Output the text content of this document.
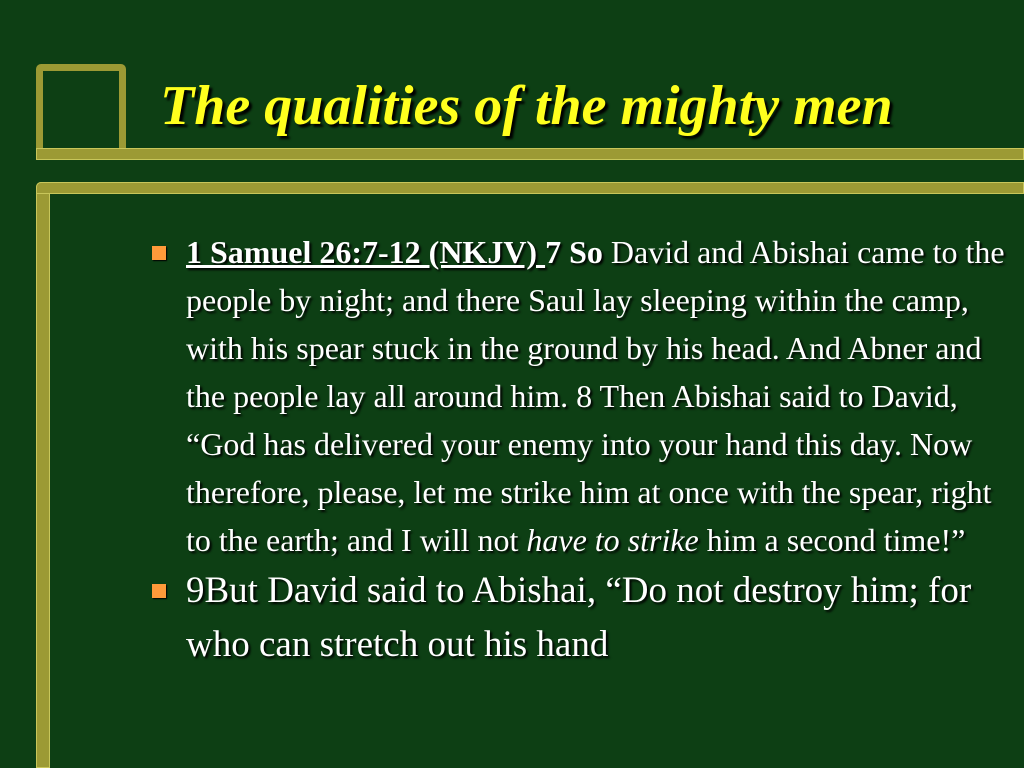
The qualities of the mighty men
1 Samuel 26:7-12 (NKJV) 7 So David and Abishai came to the people by night; and there Saul lay sleeping within the camp, with his spear stuck in the ground by his head. And Abner and the people lay all around him. 8 Then Abishai said to David, “God has delivered your enemy into your hand this day. Now therefore, please, let me strike him at once with the spear, right to the earth; and I will not have to strike him a second time!”
9But David said to Abishai, “Do not destroy him; for who can stretch out his hand
